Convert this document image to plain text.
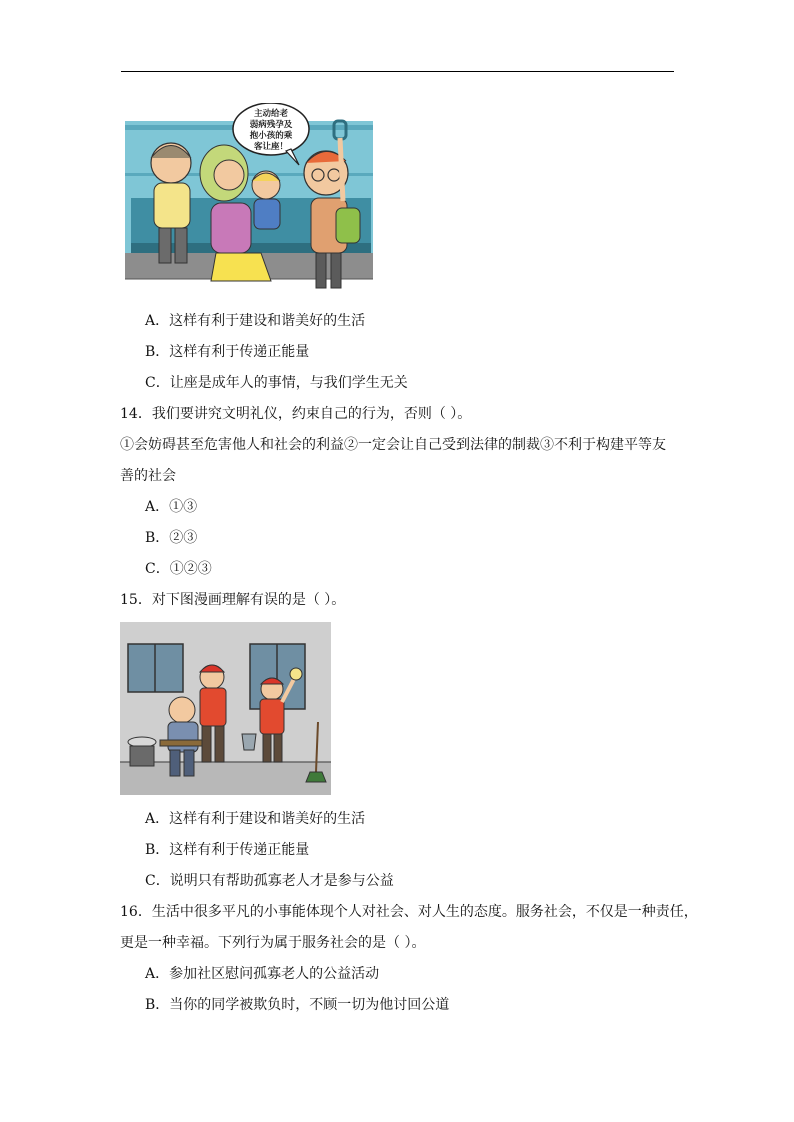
主动给老
弱病残孕及
抱小孩的乘
客让座！
A．这样有利于建设和谐美好的生活
B．这样有利于传递正能量
C．让座是成年人的事情，与我们学生无关
14．我们要讲究文明礼仪，约束自己的行为，否则（ ）。
①会妨碍甚至危害他人和社会的利益②一定会让自己受到法律的制裁③不利于构建平等友
善的社会
A．①③
B．②③
C．①②③
15．对下图漫画理解有误的是（ ）。
A．这样有利于建设和谐美好的生活
B．这样有利于传递正能量
C．说明只有帮助孤寡老人才是参与公益
16．生活中很多平凡的小事能体现个人对社会、对人生的态度。服务社会，不仅是一种责任，
更是一种幸福。下列行为属于服务社会的是（ ）。
A．参加社区慰问孤寡老人的公益活动
B．当你的同学被欺负时，不顾一切为他讨回公道
